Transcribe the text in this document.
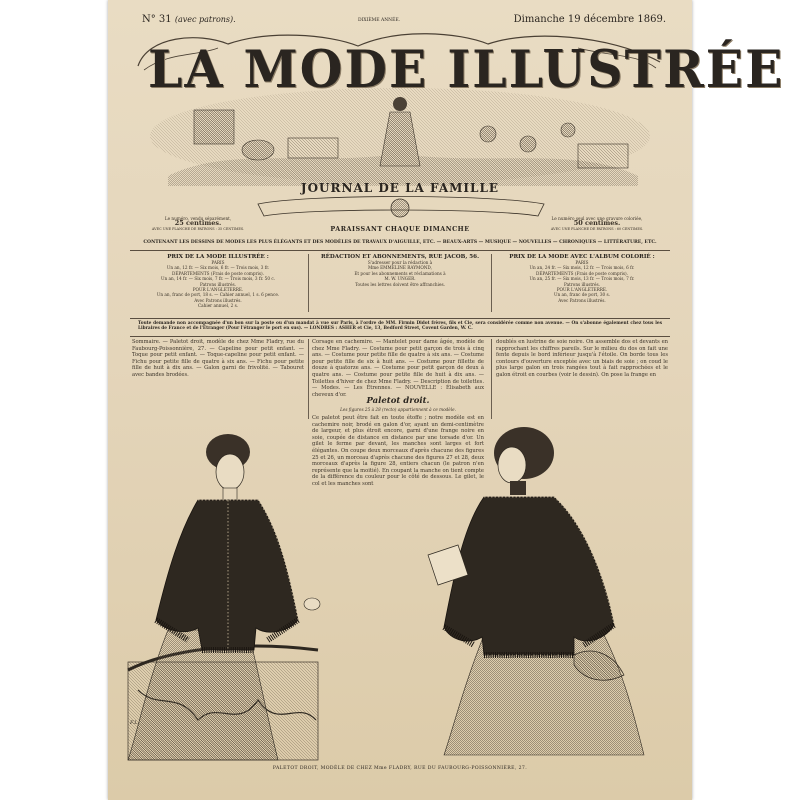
N° 31 (avec patrons).	DIXIÈME ANNÉE.	Dimanche 19 décembre 1869.
LA MODE ILLUSTRÉE
JOURNAL DE LA FAMILLE
Le numéro, vendu séparément,
25 centimes.
AVEC UNE PLANCHE DE PATRONS : 35 CENTIMES.	PARAISSANT CHAQUE DIMANCHE
Le numéro seul avec une gravure coloriée,
50 centimes.
AVEC UNE PLANCHE DE PATRONS : 60 CENTIMES.
CONTENANT LES DESSINS DE MODES LES PLUS ÉLÉGANTS ET DES MODÈLES DE TRAVAUX D'AIGUILLE, ETC. — BEAUX-ARTS — MUSIQUE — NOUVELLES — CHRONIQUES — LITTÉRATURE, ETC.
PRIX DE LA MODE ILLUSTRÉE :
PARIS
Un an, 12 fr. — Six mois, 6 fr. — Trois mois, 3 fr.
DÉPARTEMENTS (Frais de poste compris).
Un an, 14 fr. — Six mois, 7 fr. — Trois mois, 3 fr. 50 c.
Patrons illustrés.
POUR L'ANGLETERRE.
Un an, franc de port, 18 s. — Cahier annuel, 1 s. 6 pence.
Avec Patrons illustrés.
Cahier annuel, 2 s.
RÉDACTION ET ABONNEMENTS, RUE JACOB, 56.
S'adresser pour la rédaction à
Mme EMMELINE RAYMOND,
Et pour les abonnements et réclamations à
M. W. UNGER.
Toutes les lettres doivent être affranchies.
PRIX DE LA MODE AVEC L'ALBUM COLORIÉ :
PARIS
Un an, 24 fr. — Six mois, 12 fr. — Trois mois, 6 fr.
DÉPARTEMENTS (Frais de poste compris).
Un an, 25 fr. — Six mois, 13 fr. — Trois mois, 7 fr.
Patrons illustrés.
POUR L'ANGLETERRE.
Un an, franc de port, 30 s.
Avec Patrons illustrés.
Toute demande non accompagnée d'un bon sur la poste ou d'un mandat à vue sur Paris, à l'ordre de MM. Firmin Didot frères, fils et Cie, sera considérée comme non avenue. — On s'abonne également chez tous les Libraires de France et de l'Étranger (Pour l'étranger le port en sus). — LONDRES : ASHER et Cie, 13, Bedford Street, Covent Garden, W. C.
Sommaire. — Paletot droit, modèle de chez Mme Fladry, rue du Faubourg-Poissonnière, 27. — Capeline pour petit enfant. — Toque pour petit enfant. — Toque-capeline pour petit enfant. — Fichu pour petite fille de quatre à six ans. — Fichu pour petite fille de huit à dix ans. — Galon garni de frivolité. — Tabouret avec bandes brodées.
Corsage en cachemire. — Mantelet pour dame âgée, modèle de chez Mme Fladry. — Costume pour petit garçon de trois à cinq ans. — Costume pour petite fille de quatre à six ans. — Costume pour petite fille de six à huit ans. — Costume pour fillette de douze à quatorze ans. — Costume pour petit garçon de deux à quatre ans. — Costume pour petite fille de huit à dix ans. — Toilettes d'hiver de chez Mme Fladry. — Description de toilettes. — Modes. — Les Étrennes. — NOUVELLE : Élisabeth aux cheveux d'or.
doublés en lustrine de soie noire. On assemble dos et devants en rapprochant les chiffres pareils. Sur le milieu du dos on fait une fente depuis le bord inférieur jusqu'à l'étoile. On borde tous les contours d'ouverture exceptée avec un biais de soie ; on coud le plus large galon en trois rangées tout à fait rapprochées et le galon étroit en courbes (voir le dessin). On pose la frange en
Paletot droit.
Les figures 25 à 28 (recto) appartiennent à ce modèle.
Ce paletot peut être fait en toute étoffe ; notre modèle est en cachemire noir, brodé en galon d'or, ayant un demi-centimètre de largeur, et plus étroit encore, garni d'une frange noire en soie, coupée de distance en distance par une torsade d'or. Un gilet le ferme par devant, les manches sont larges et fort élégantes. On coupe deux morceaux d'après chacune des figures 25 et 26, un morceau d'après chacune des figures 27 et 28, deux morceaux d'après la figure 28, entiers chacun (le patron n'en représente que la moitié). En coupant la manche on tient compte de la différence du couleur pour le côté de dessous. Le gilet, le col et les manches sont
F.L.
PALETOT DROIT, MODÈLE DE CHEZ Mme FLADRY, RUE DU FAUBOURG-POISSONNIÈRE, 27.
